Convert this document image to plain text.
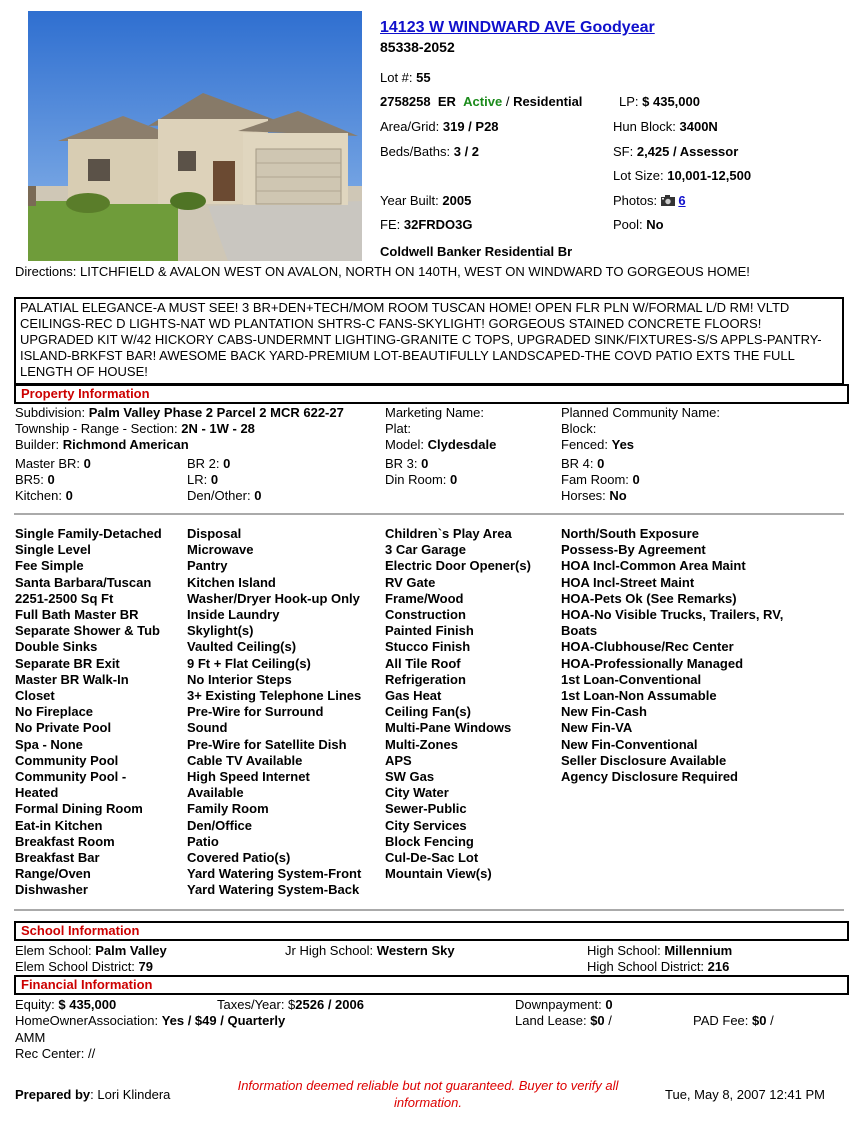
14123 W WINDWARD AVE Goodyear
85338-2052
Lot #: 55
2758258 ER Active / Residential	LP: $ 435,000
Area/Grid: 319 / P28	Hun Block: 3400N
Beds/Baths: 3 / 2	SF: 2,425 / Assessor
Lot Size: 10,001-12,500
Year Built: 2005	Photos: 6
FE: 32FRDO3G	Pool: No
Coldwell Banker Residential Br
Directions: LITCHFIELD & AVALON WEST ON AVALON, NORTH ON 140TH, WEST ON WINDWARD TO GORGEOUS HOME!
PALATIAL ELEGANCE-A MUST SEE! 3 BR+DEN+TECH/MOM ROOM TUSCAN HOME! OPEN FLR PLN W/FORMAL L/D RM! VLTD CEILINGS-REC D LIGHTS-NAT WD PLANTATION SHTRS-C FANS-SKYLIGHT! GORGEOUS STAINED CONCRETE FLOORS! UPGRADED KIT W/42 HICKORY CABS-UNDERMNT LIGHTING-GRANITE C TOPS, UPGRADED SINK/FIXTURES-S/S APPLS-PANTRY-ISLAND-BRKFST BAR! AWESOME BACK YARD-PREMIUM LOT-BEAUTIFULLY LANDSCAPED-THE COVD PATIO EXTS THE FULL LENGTH OF HOUSE!
Property Information
Subdivision: Palm Valley Phase 2 Parcel 2 MCR 622-27	Marketing Name:	Planned Community Name:
Township - Range - Section: 2N - 1W - 28	Plat:	Block:
Builder: Richmond American	Model: Clydesdale	Fenced: Yes
Master BR: 0	BR 2: 0	BR 3: 0	BR 4: 0
BR5: 0	LR: 0	Din Room: 0	Fam Room: 0
Kitchen: 0	Den/Other: 0	Horses: No
Single Family-Detached
Single Level
Fee Simple
Santa Barbara/Tuscan
2251-2500 Sq Ft
Full Bath Master BR
Separate Shower & Tub
Double Sinks
Separate BR Exit
Master BR Walk-In
Closet
No Fireplace
No Private Pool
Spa - None
Community Pool
Community Pool -
Heated
Formal Dining Room
Eat-in Kitchen
Breakfast Room
Breakfast Bar
Range/Oven
Dishwasher
Disposal
Microwave
Pantry
Kitchen Island
Washer/Dryer Hook-up Only
Inside Laundry
Skylight(s)
Vaulted Ceiling(s)
9 Ft + Flat Ceiling(s)
No Interior Steps
3+ Existing Telephone Lines
Pre-Wire for Surround
Sound
Pre-Wire for Satellite Dish
Cable TV Available
High Speed Internet
Available
Family Room
Den/Office
Patio
Covered Patio(s)
Yard Watering System-Front
Yard Watering System-Back
Children`s Play Area
3 Car Garage
Electric Door Opener(s)
RV Gate
Frame/Wood
Construction
Painted Finish
Stucco Finish
All Tile Roof
Refrigeration
Gas Heat
Ceiling Fan(s)
Multi-Pane Windows
Multi-Zones
APS
SW Gas
City Water
Sewer-Public
City Services
Block Fencing
Cul-De-Sac Lot
Mountain View(s)
North/South Exposure
Possess-By Agreement
HOA Incl-Common Area Maint
HOA Incl-Street Maint
HOA-Pets Ok (See Remarks)
HOA-No Visible Trucks, Trailers, RV,
Boats
HOA-Clubhouse/Rec Center
HOA-Professionally Managed
1st Loan-Conventional
1st Loan-Non Assumable
New Fin-Cash
New Fin-VA
New Fin-Conventional
Seller Disclosure Available
Agency Disclosure Required
School Information
Elem School: Palm Valley	Jr High School: Western Sky	High School: Millennium
Elem School District: 79	High School District: 216
Financial Information
Equity: $ 435,000	Taxes/Year: $2526 / 2006	Downpayment: 0
HomeOwnerAssociation: Yes / $49 / Quarterly	Land Lease: $0 /	PAD Fee: $0 /
AMM
Rec Center: //
Prepared by: Lori Klindera
Information deemed reliable but not guaranteed. Buyer to verify all information.
Tue, May 8, 2007 12:41 PM
